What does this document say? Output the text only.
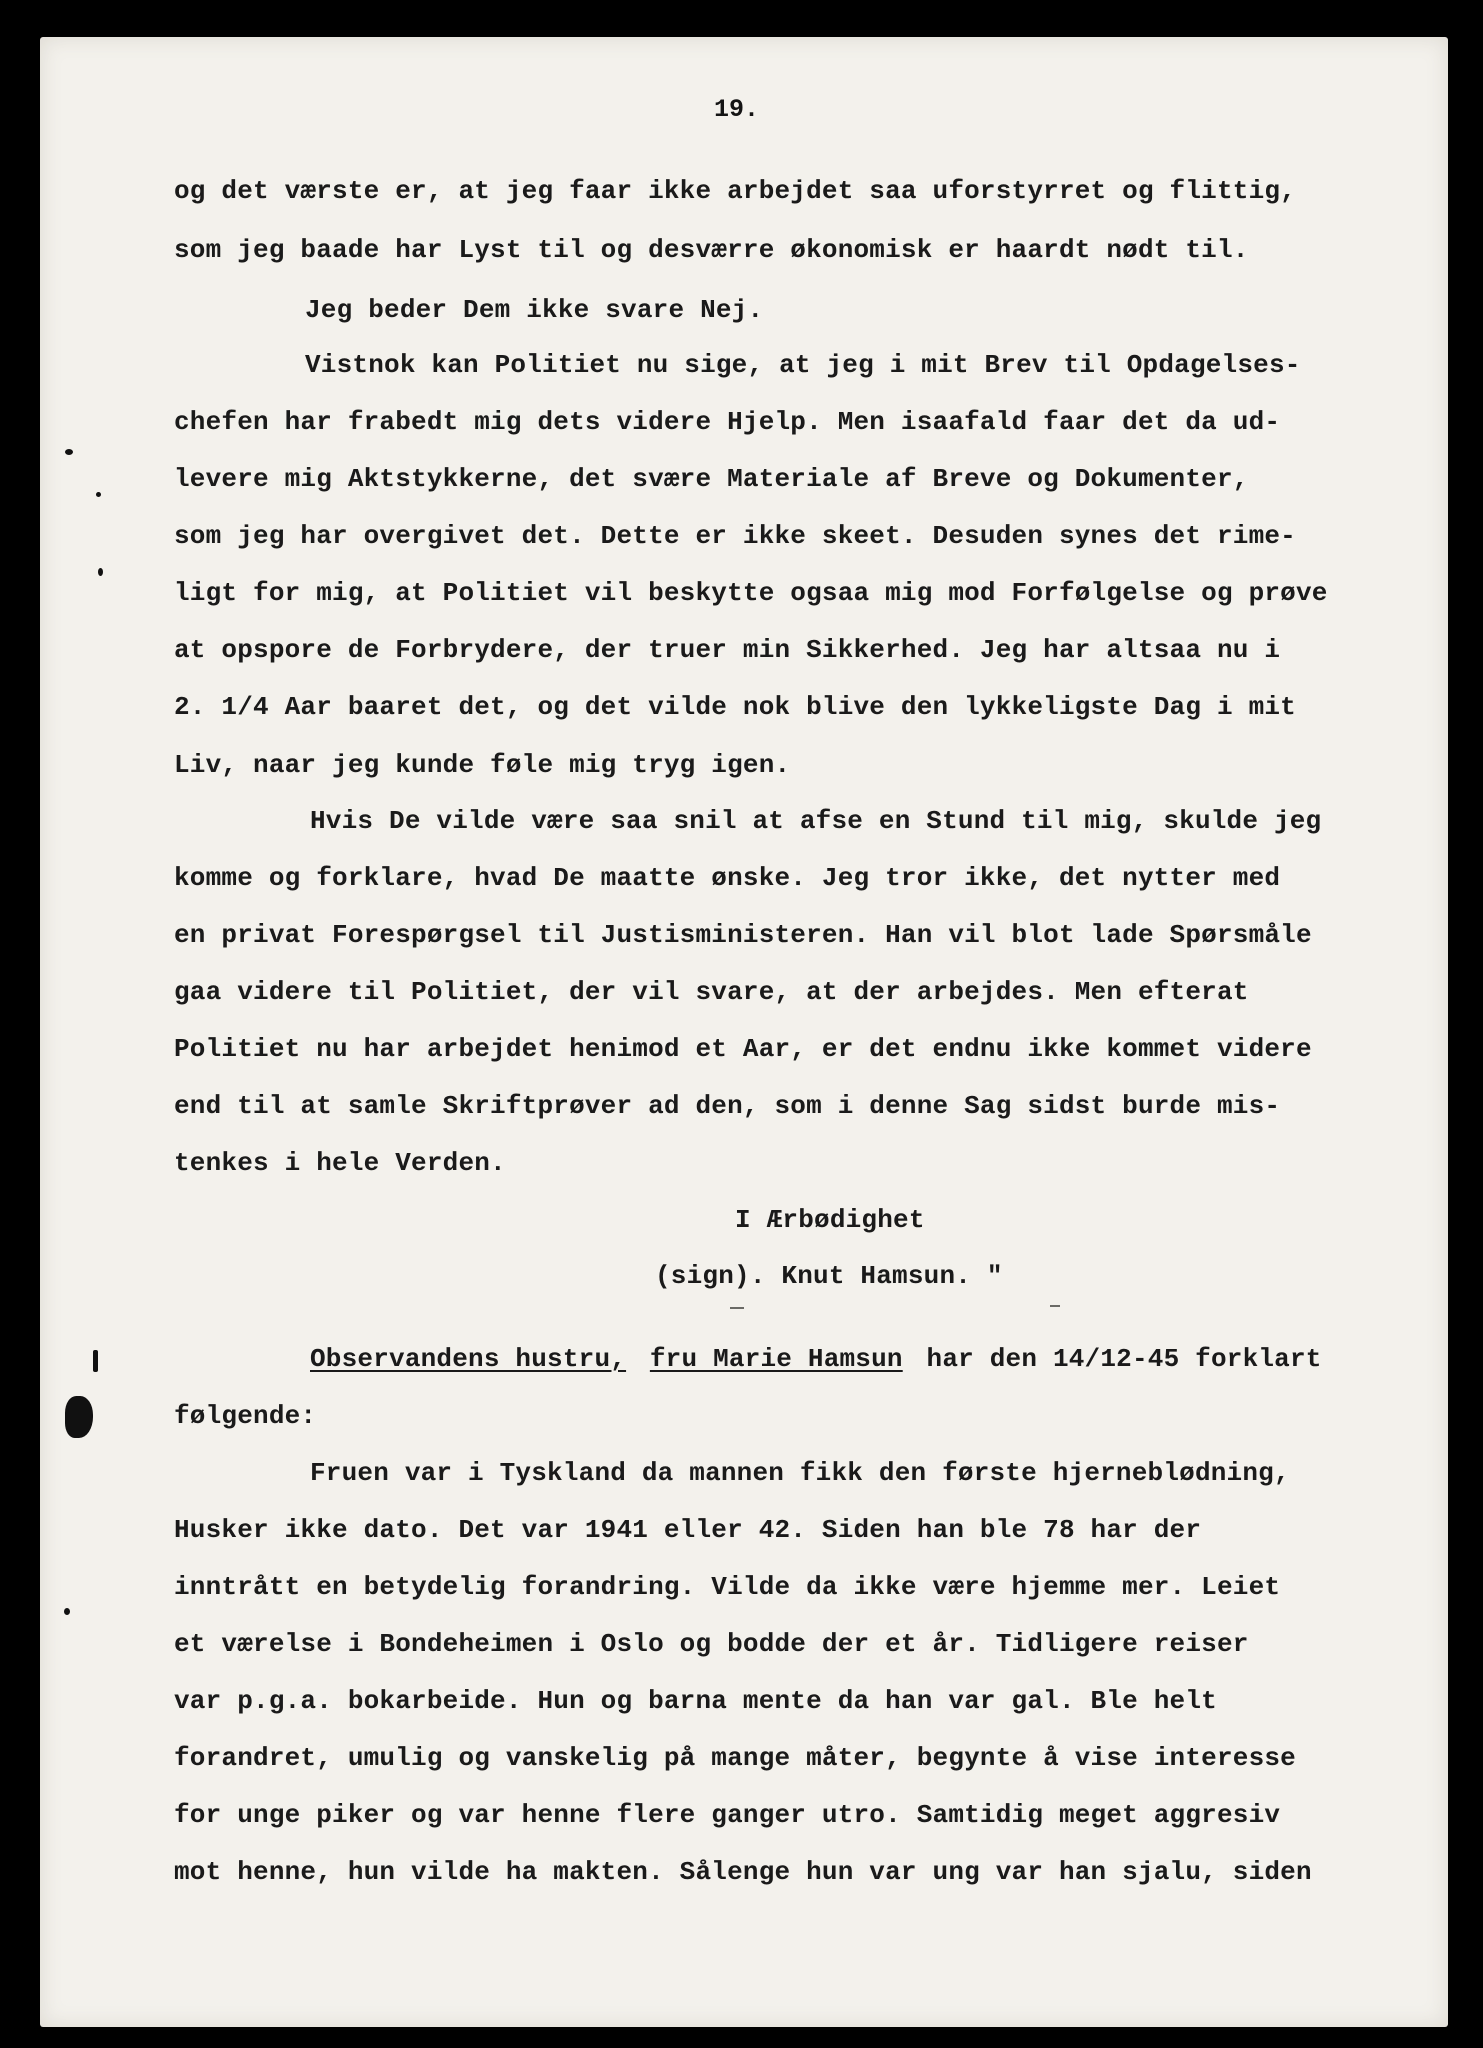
19.
og det værste er, at jeg faar ikke arbejdet saa uforstyrret og flittig,
som jeg baade har Lyst til og desværre økonomisk er haardt nødt til.
Jeg beder Dem ikke svare Nej.
Vistnok kan Politiet nu sige, at jeg i mit Brev til Opdagelses-
chefen har frabedt mig dets videre Hjelp. Men isaafald faar det da ud-
levere mig Aktstykkerne, det svære Materiale af Breve og Dokumenter,
som jeg har overgivet det. Dette er ikke skeet. Desuden synes det rime-
ligt for mig, at Politiet vil beskytte ogsaa mig mod Forfølgelse og prøve
at opspore de Forbrydere, der truer min Sikkerhed. Jeg har altsaa nu i
2. 1/4 Aar baaret det, og det vilde nok blive den lykkeligste Dag i mit
Liv, naar jeg kunde føle mig tryg igen.
Hvis De vilde være saa snil at afse en Stund til mig, skulde jeg
komme og forklare, hvad De maatte ønske. Jeg tror ikke, det nytter med
en privat Forespørgsel til Justisministeren. Han vil blot lade Spørsmåle
gaa videre til Politiet, der vil svare, at der arbejdes. Men efterat
Politiet nu har arbejdet henimod et Aar, er det endnu ikke kommet videre
end til at samle Skriftprøver ad den, som i denne Sag sidst burde mis-
tenkes i hele Verden.
I Ærbødighet
(sign). Knut Hamsun. "
Observandens hustru, fru Marie Hamsun har den 14/12-45 forklart
følgende:
Fruen var i Tyskland da mannen fikk den første hjerneblødning,
Husker ikke dato. Det var 1941 eller 42. Siden han ble 78 har der
inntrått en betydelig forandring. Vilde da ikke være hjemme mer. Leiet
et værelse i Bondeheimen i Oslo og bodde der et år. Tidligere reiser
var p.g.a. bokarbeide. Hun og barna mente da han var gal. Ble helt
forandret, umulig og vanskelig på mange måter, begynte å vise interesse
for unge piker og var henne flere ganger utro. Samtidig meget aggresiv
mot henne, hun vilde ha makten. Sålenge hun var ung var han sjalu, siden
